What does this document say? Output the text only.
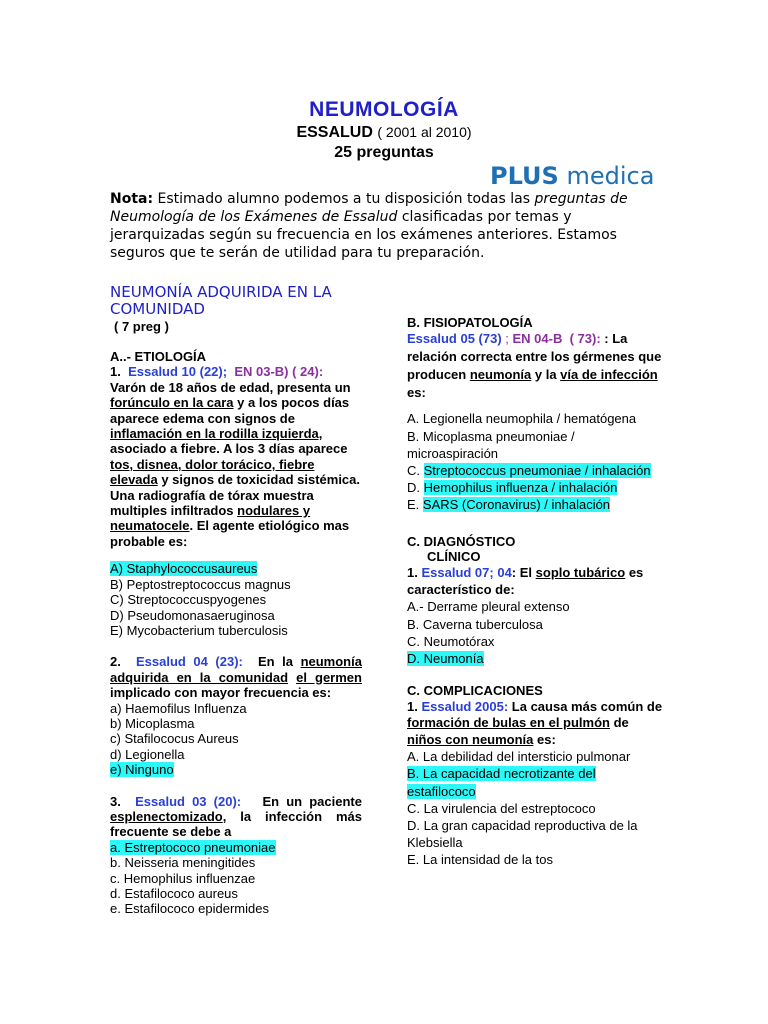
NEUMOLOGÍA
ESSALUD ( 2001 al 2010)
25 preguntas
PLUS medica
Nota: Estimado alumno podemos a tu disposición todas las preguntas de Neumología de los Exámenes de Essalud clasificadas por temas y jerarquizadas según su frecuencia en los exámenes anteriores. Estamos seguros que te serán de utilidad para tu preparación.
NEUMONÍA ADQUIRIDA EN LA COMUNIDAD
( 7 preg )
A..- ETIOLOGÍA
1. Essalud 10 (22); EN 03-B) ( 24): Varón de 18 años de edad, presenta un forúnculo en la cara y a los pocos días aparece edema con signos de inflamación en la rodilla izquierda, asociado a fiebre. A los 3 días aparece tos, disnea, dolor torácico, fiebre elevada y signos de toxicidad sistémica. Una radiografía de tórax muestra multiples infiltrados nodulares y neumatocele. El agente etiológico mas probable es:
A) Staphylococcusaureus
B) Peptostreptococcus magnus
C) Streptococcuspyogenes
D) Pseudomonasaeruginosa
E) Mycobacterium tuberculosis
2. Essalud 04 (23): En la neumonía adquirida en la comunidad el germen implicado con mayor frecuencia es:
a) Haemofilus Influenza
b) Micoplasma
c) Stafilococus Aureus
d) Legionella
e) Ninguno
3. Essalud 03 (20): En un paciente esplenectomizado, la infección más frecuente se debe a
a. Estreptococo pneumoniae
b. Neisseria meningitides
c. Hemophilus influenzae
d. Estafilococo aureus
e. Estafilococo epidermides
B. FISIOPATOLOGÍA
Essalud 05 (73) ; EN 04-B ( 73): : La relación correcta entre los gérmenes que producen neumonía y la vía de infección es:
A. Legionella neumophila / hematógena
B. Micoplasma pneumoniae / microaspiración
C. Streptococcus pneumoniae / inhalación
D. Hemophilus influenza / inhalación
E. SARS (Coronavirus) / inhalación
C. DIAGNÓSTICO
CLÍNICO
1. Essalud 07; 04: El soplo tubárico es característico de:
A.- Derrame pleural extenso
B. Caverna tuberculosa
C. Neumotórax
D. Neumonía
C. COMPLICACIONES
1. Essalud 2005: La causa más común de formación de bulas en el pulmón de niños con neumonía es:
A. La debilidad del intersticio pulmonar
B. La capacidad necrotizante del estafilococo
C. La virulencia del estreptococo
D. La gran capacidad reproductiva de la Klebsiella
E. La intensidad de la tos
